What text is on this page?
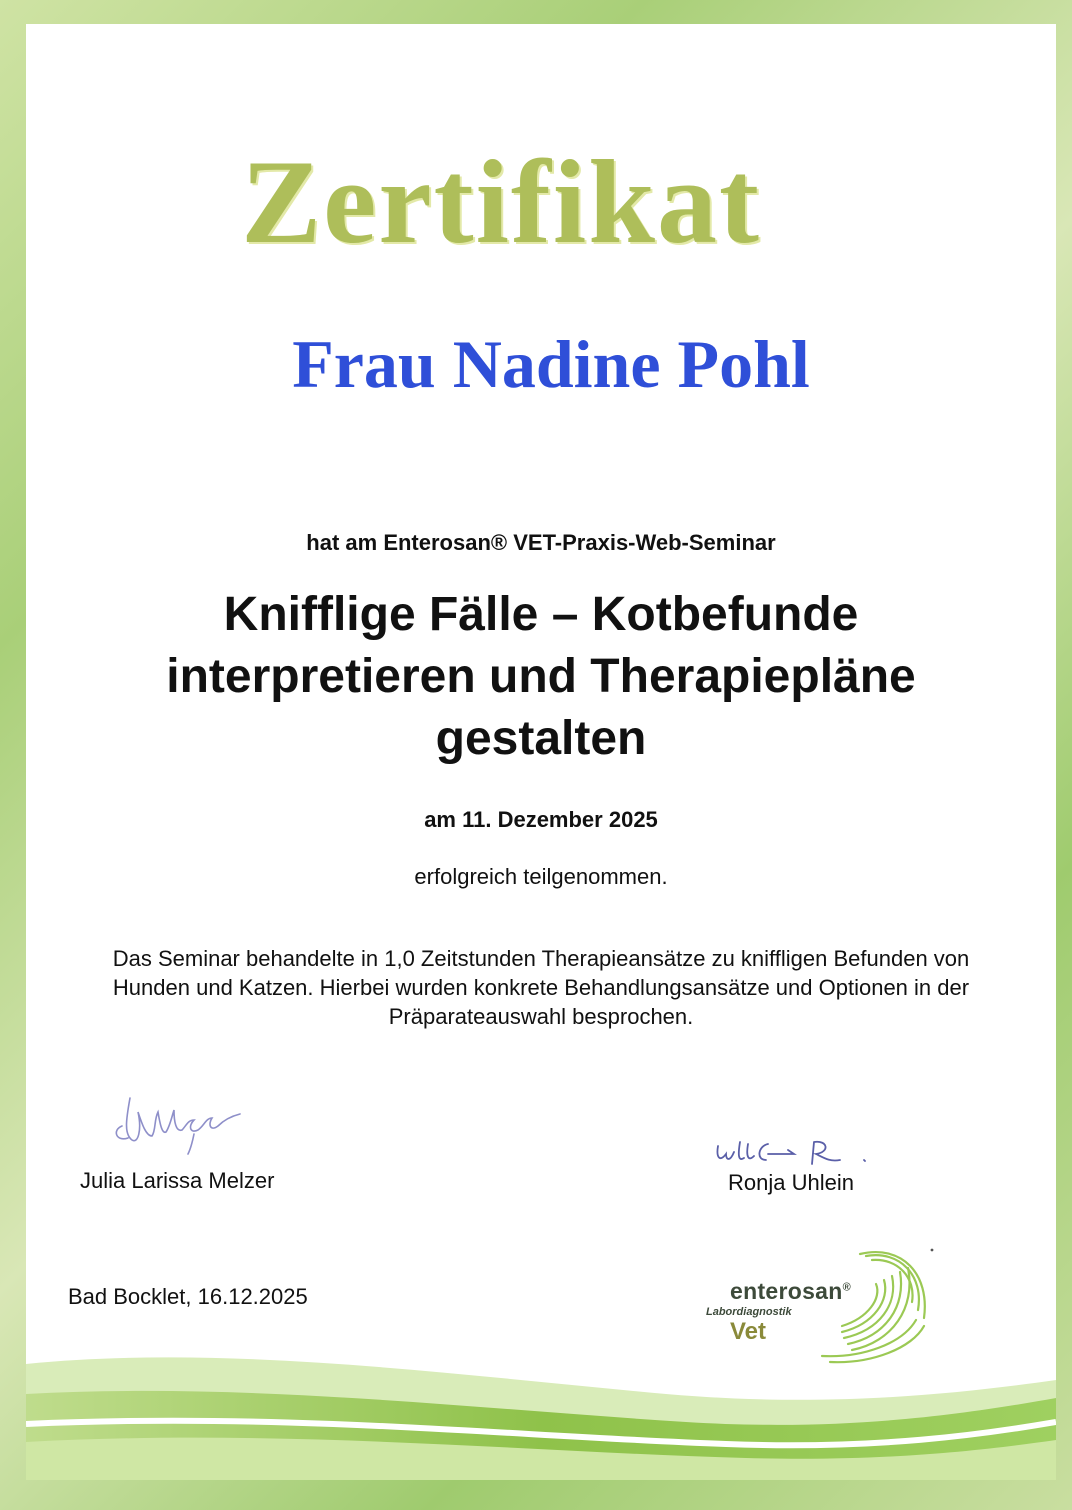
Zertifikat
Frau Nadine Pohl
hat am Enterosan® VET-Praxis-Web-Seminar
Knifflige Fälle – Kotbefunde
interpretieren und Therapiepläne
gestalten
am 11. Dezember 2025
erfolgreich teilgenommen.
Das Seminar behandelte in 1,0 Zeitstunden Therapieansätze zu kniffligen Befunden von
Hunden und Katzen. Hierbei wurden konkrete Behandlungsansätze und Optionen in der
Präparateauswahl besprochen.
Julia Larissa Melzer	Ronja Uhlein
Bad Bocklet, 16.12.2025	enterosan®
Labordiagnostik
Vet
